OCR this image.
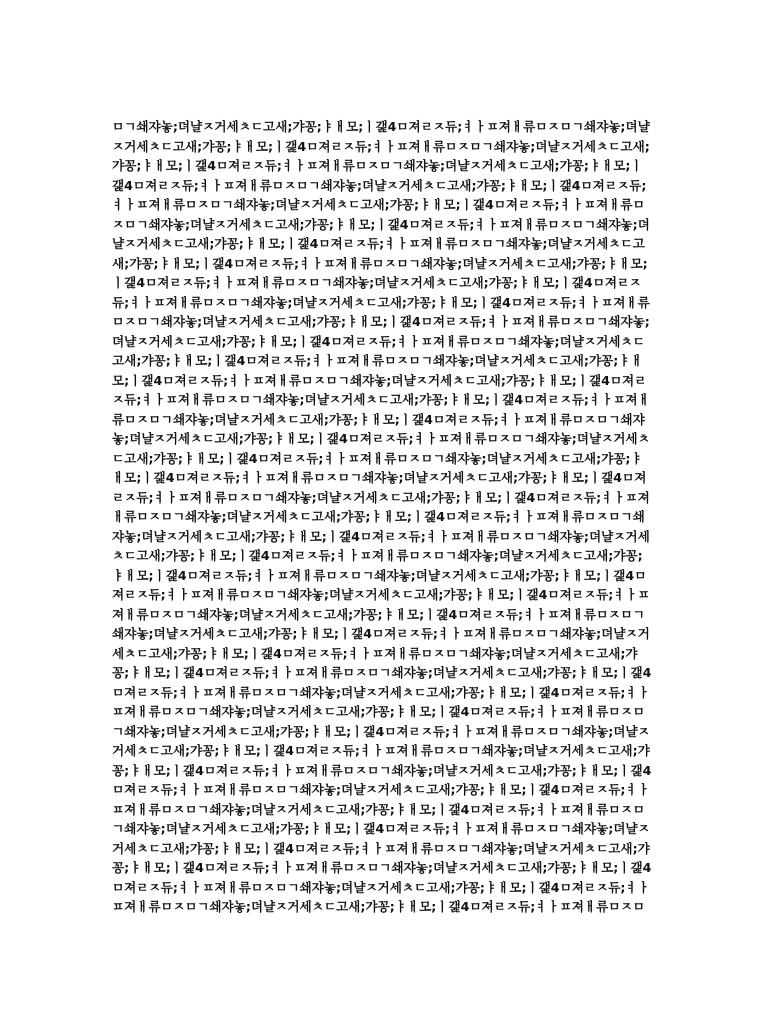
ㅁㄱ쇄쟈놓;뎌냘ㅈ거세ㅊㄷ고새;갸꽁;ㅑㅐ모;ㅣ갩4ㅁ져ㄹㅈ듀;ㅕㅏㅍ져ㅐ류ㅁㅈㅁㄱ쇄쟈놓;뎌냘
ㅈ거세ㅊㄷ고새;갸꽁;ㅑㅐ모;ㅣ갩4ㅁ져ㄹㅈ듀;ㅕㅏㅍ져ㅐ류ㅁㅈㅁㄱ쇄쟈놓;뎌냘ㅈ거세ㅊㄷ고새;
갸꽁;ㅑㅐ모;ㅣ갩4ㅁ져ㄹㅈ듀;ㅕㅏㅍ져ㅐ류ㅁㅈㅁㄱ쇄쟈놓;뎌냘ㅈ거세ㅊㄷ고새;갸꽁;ㅑㅐ모;ㅣ
갩4ㅁ져ㄹㅈ듀;ㅕㅏㅍ져ㅐ류ㅁㅈㅁㄱ쇄쟈놓;뎌냘ㅈ거세ㅊㄷ고새;갸꽁;ㅑㅐ모;ㅣ갩4ㅁ져ㄹㅈ듀;
ㅕㅏㅍ져ㅐ류ㅁㅈㅁㄱ쇄쟈놓;뎌냘ㅈ거세ㅊㄷ고새;갸꽁;ㅑㅐ모;ㅣ갩4ㅁ져ㄹㅈ듀;ㅕㅏㅍ져ㅐ류ㅁ
ㅈㅁㄱ쇄쟈놓;뎌냘ㅈ거세ㅊㄷ고새;갸꽁;ㅑㅐ모;ㅣ갩4ㅁ져ㄹㅈ듀;ㅕㅏㅍ져ㅐ류ㅁㅈㅁㄱ쇄쟈놓;뎌
냘ㅈ거세ㅊㄷ고새;갸꽁;ㅑㅐ모;ㅣ갩4ㅁ져ㄹㅈ듀;ㅕㅏㅍ져ㅐ류ㅁㅈㅁㄱ쇄쟈놓;뎌냘ㅈ거세ㅊㄷ고
새;갸꽁;ㅑㅐ모;ㅣ갩4ㅁ져ㄹㅈ듀;ㅕㅏㅍ져ㅐ류ㅁㅈㅁㄱ쇄쟈놓;뎌냘ㅈ거세ㅊㄷ고새;갸꽁;ㅑㅐ모;
ㅣ갩4ㅁ져ㄹㅈ듀;ㅕㅏㅍ져ㅐ류ㅁㅈㅁㄱ쇄쟈놓;뎌냘ㅈ거세ㅊㄷ고새;갸꽁;ㅑㅐ모;ㅣ갩4ㅁ져ㄹㅈ
듀;ㅕㅏㅍ져ㅐ류ㅁㅈㅁㄱ쇄쟈놓;뎌냘ㅈ거세ㅊㄷ고새;갸꽁;ㅑㅐ모;ㅣ갩4ㅁ져ㄹㅈ듀;ㅕㅏㅍ져ㅐ류
ㅁㅈㅁㄱ쇄쟈놓;뎌냘ㅈ거세ㅊㄷ고새;갸꽁;ㅑㅐ모;ㅣ갩4ㅁ져ㄹㅈ듀;ㅕㅏㅍ져ㅐ류ㅁㅈㅁㄱ쇄쟈놓;
뎌냘ㅈ거세ㅊㄷ고새;갸꽁;ㅑㅐ모;ㅣ갩4ㅁ져ㄹㅈ듀;ㅕㅏㅍ져ㅐ류ㅁㅈㅁㄱ쇄쟈놓;뎌냘ㅈ거세ㅊㄷ
고새;갸꽁;ㅑㅐ모;ㅣ갩4ㅁ져ㄹㅈ듀;ㅕㅏㅍ져ㅐ류ㅁㅈㅁㄱ쇄쟈놓;뎌냘ㅈ거세ㅊㄷ고새;갸꽁;ㅑㅐ
모;ㅣ갩4ㅁ져ㄹㅈ듀;ㅕㅏㅍ져ㅐ류ㅁㅈㅁㄱ쇄쟈놓;뎌냘ㅈ거세ㅊㄷ고새;갸꽁;ㅑㅐ모;ㅣ갩4ㅁ져ㄹ
ㅈ듀;ㅕㅏㅍ져ㅐ류ㅁㅈㅁㄱ쇄쟈놓;뎌냘ㅈ거세ㅊㄷ고새;갸꽁;ㅑㅐ모;ㅣ갩4ㅁ져ㄹㅈ듀;ㅕㅏㅍ져ㅐ
류ㅁㅈㅁㄱ쇄쟈놓;뎌냘ㅈ거세ㅊㄷ고새;갸꽁;ㅑㅐ모;ㅣ갩4ㅁ져ㄹㅈ듀;ㅕㅏㅍ져ㅐ류ㅁㅈㅁㄱ쇄쟈
놓;뎌냘ㅈ거세ㅊㄷ고새;갸꽁;ㅑㅐ모;ㅣ갩4ㅁ져ㄹㅈ듀;ㅕㅏㅍ져ㅐ류ㅁㅈㅁㄱ쇄쟈놓;뎌냘ㅈ거세ㅊ
ㄷ고새;갸꽁;ㅑㅐ모;ㅣ갩4ㅁ져ㄹㅈ듀;ㅕㅏㅍ져ㅐ류ㅁㅈㅁㄱ쇄쟈놓;뎌냘ㅈ거세ㅊㄷ고새;갸꽁;ㅑ
ㅐ모;ㅣ갩4ㅁ져ㄹㅈ듀;ㅕㅏㅍ져ㅐ류ㅁㅈㅁㄱ쇄쟈놓;뎌냘ㅈ거세ㅊㄷ고새;갸꽁;ㅑㅐ모;ㅣ갩4ㅁ져
ㄹㅈ듀;ㅕㅏㅍ져ㅐ류ㅁㅈㅁㄱ쇄쟈놓;뎌냘ㅈ거세ㅊㄷ고새;갸꽁;ㅑㅐ모;ㅣ갩4ㅁ져ㄹㅈ듀;ㅕㅏㅍ져
ㅐ류ㅁㅈㅁㄱ쇄쟈놓;뎌냘ㅈ거세ㅊㄷ고새;갸꽁;ㅑㅐ모;ㅣ갩4ㅁ져ㄹㅈ듀;ㅕㅏㅍ져ㅐ류ㅁㅈㅁㄱ쇄
쟈놓;뎌냘ㅈ거세ㅊㄷ고새;갸꽁;ㅑㅐ모;ㅣ갩4ㅁ져ㄹㅈ듀;ㅕㅏㅍ져ㅐ류ㅁㅈㅁㄱ쇄쟈놓;뎌냘ㅈ거세
ㅊㄷ고새;갸꽁;ㅑㅐ모;ㅣ갩4ㅁ져ㄹㅈ듀;ㅕㅏㅍ져ㅐ류ㅁㅈㅁㄱ쇄쟈놓;뎌냘ㅈ거세ㅊㄷ고새;갸꽁;
ㅑㅐ모;ㅣ갩4ㅁ져ㄹㅈ듀;ㅕㅏㅍ져ㅐ류ㅁㅈㅁㄱ쇄쟈놓;뎌냘ㅈ거세ㅊㄷ고새;갸꽁;ㅑㅐ모;ㅣ갩4ㅁ
져ㄹㅈ듀;ㅕㅏㅍ져ㅐ류ㅁㅈㅁㄱ쇄쟈놓;뎌냘ㅈ거세ㅊㄷ고새;갸꽁;ㅑㅐ모;ㅣ갩4ㅁ져ㄹㅈ듀;ㅕㅏㅍ
져ㅐ류ㅁㅈㅁㄱ쇄쟈놓;뎌냘ㅈ거세ㅊㄷ고새;갸꽁;ㅑㅐ모;ㅣ갩4ㅁ져ㄹㅈ듀;ㅕㅏㅍ져ㅐ류ㅁㅈㅁㄱ
쇄쟈놓;뎌냘ㅈ거세ㅊㄷ고새;갸꽁;ㅑㅐ모;ㅣ갩4ㅁ져ㄹㅈ듀;ㅕㅏㅍ져ㅐ류ㅁㅈㅁㄱ쇄쟈놓;뎌냘ㅈ거
세ㅊㄷ고새;갸꽁;ㅑㅐ모;ㅣ갩4ㅁ져ㄹㅈ듀;ㅕㅏㅍ져ㅐ류ㅁㅈㅁㄱ쇄쟈놓;뎌냘ㅈ거세ㅊㄷ고새;갸
꽁;ㅑㅐ모;ㅣ갩4ㅁ져ㄹㅈ듀;ㅕㅏㅍ져ㅐ류ㅁㅈㅁㄱ쇄쟈놓;뎌냘ㅈ거세ㅊㄷ고새;갸꽁;ㅑㅐ모;ㅣ갩4
ㅁ져ㄹㅈ듀;ㅕㅏㅍ져ㅐ류ㅁㅈㅁㄱ쇄쟈놓;뎌냘ㅈ거세ㅊㄷ고새;갸꽁;ㅑㅐ모;ㅣ갩4ㅁ져ㄹㅈ듀;ㅕㅏ
ㅍ져ㅐ류ㅁㅈㅁㄱ쇄쟈놓;뎌냘ㅈ거세ㅊㄷ고새;갸꽁;ㅑㅐ모;ㅣ갩4ㅁ져ㄹㅈ듀;ㅕㅏㅍ져ㅐ류ㅁㅈㅁ
ㄱ쇄쟈놓;뎌냘ㅈ거세ㅊㄷ고새;갸꽁;ㅑㅐ모;ㅣ갩4ㅁ져ㄹㅈ듀;ㅕㅏㅍ져ㅐ류ㅁㅈㅁㄱ쇄쟈놓;뎌냘ㅈ
거세ㅊㄷ고새;갸꽁;ㅑㅐ모;ㅣ갩4ㅁ져ㄹㅈ듀;ㅕㅏㅍ져ㅐ류ㅁㅈㅁㄱ쇄쟈놓;뎌냘ㅈ거세ㅊㄷ고새;갸
꽁;ㅑㅐ모;ㅣ갩4ㅁ져ㄹㅈ듀;ㅕㅏㅍ져ㅐ류ㅁㅈㅁㄱ쇄쟈놓;뎌냘ㅈ거세ㅊㄷ고새;갸꽁;ㅑㅐ모;ㅣ갩4
ㅁ져ㄹㅈ듀;ㅕㅏㅍ져ㅐ류ㅁㅈㅁㄱ쇄쟈놓;뎌냘ㅈ거세ㅊㄷ고새;갸꽁;ㅑㅐ모;ㅣ갩4ㅁ져ㄹㅈ듀;ㅕㅏ
ㅍ져ㅐ류ㅁㅈㅁㄱ쇄쟈놓;뎌냘ㅈ거세ㅊㄷ고새;갸꽁;ㅑㅐ모;ㅣ갩4ㅁ져ㄹㅈ듀;ㅕㅏㅍ져ㅐ류ㅁㅈㅁ
ㄱ쇄쟈놓;뎌냘ㅈ거세ㅊㄷ고새;갸꽁;ㅑㅐ모;ㅣ갩4ㅁ져ㄹㅈ듀;ㅕㅏㅍ져ㅐ류ㅁㅈㅁㄱ쇄쟈놓;뎌냘ㅈ
거세ㅊㄷ고새;갸꽁;ㅑㅐ모;ㅣ갩4ㅁ져ㄹㅈ듀;ㅕㅏㅍ져ㅐ류ㅁㅈㅁㄱ쇄쟈놓;뎌냘ㅈ거세ㅊㄷ고새;갸
꽁;ㅑㅐ모;ㅣ갩4ㅁ져ㄹㅈ듀;ㅕㅏㅍ져ㅐ류ㅁㅈㅁㄱ쇄쟈놓;뎌냘ㅈ거세ㅊㄷ고새;갸꽁;ㅑㅐ모;ㅣ갩4
ㅁ져ㄹㅈ듀;ㅕㅏㅍ져ㅐ류ㅁㅈㅁㄱ쇄쟈놓;뎌냘ㅈ거세ㅊㄷ고새;갸꽁;ㅑㅐ모;ㅣ갩4ㅁ져ㄹㅈ듀;ㅕㅏ
ㅍ져ㅐ류ㅁㅈㅁㄱ쇄쟈놓;뎌냘ㅈ거세ㅊㄷ고새;갸꽁;ㅑㅐ모;ㅣ갩4ㅁ져ㄹㅈ듀;ㅕㅏㅍ져ㅐ류ㅁㅈㅁ
